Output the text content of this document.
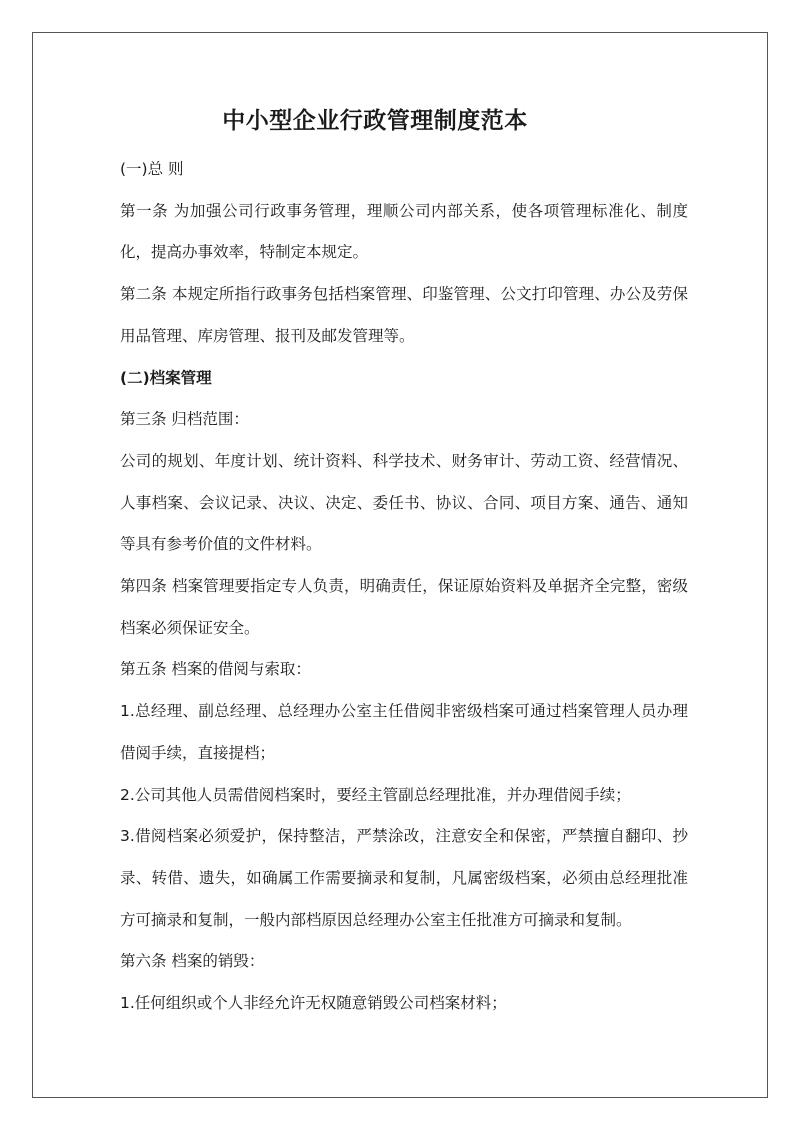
中小型企业行政管理制度范本

(一)总 则

第一条 为加强公司行政事务管理，理顺公司内部关系，使各项管理标准化、制度化，提高办事效率，特制定本规定。

第二条 本规定所指行政事务包括档案管理、印鉴管理、公文打印管理、办公及劳保用品管理、库房管理、报刊及邮发管理等。

(二)档案管理

第三条 归档范围：

公司的规划、年度计划、统计资料、科学技术、财务审计、劳动工资、经营情况、人事档案、会议记录、决议、决定、委任书、协议、合同、项目方案、通告、通知等具有参考价值的文件材料。

第四条 档案管理要指定专人负责，明确责任，保证原始资料及单据齐全完整，密级档案必须保证安全。

第五条 档案的借阅与索取：

1.总经理、副总经理、总经理办公室主任借阅非密级档案可通过档案管理人员办理借阅手续，直接提档；

2.公司其他人员需借阅档案时，要经主管副总经理批准，并办理借阅手续；

3.借阅档案必须爱护，保持整洁，严禁涂改，注意安全和保密，严禁擅自翻印、抄录、转借、遗失，如确属工作需要摘录和复制，凡属密级档案，必须由总经理批准方可摘录和复制，一般内部档原因总经理办公室主任批准方可摘录和复制。

第六条 档案的销毁：

1.任何组织或个人非经允许无权随意销毁公司档案材料；
